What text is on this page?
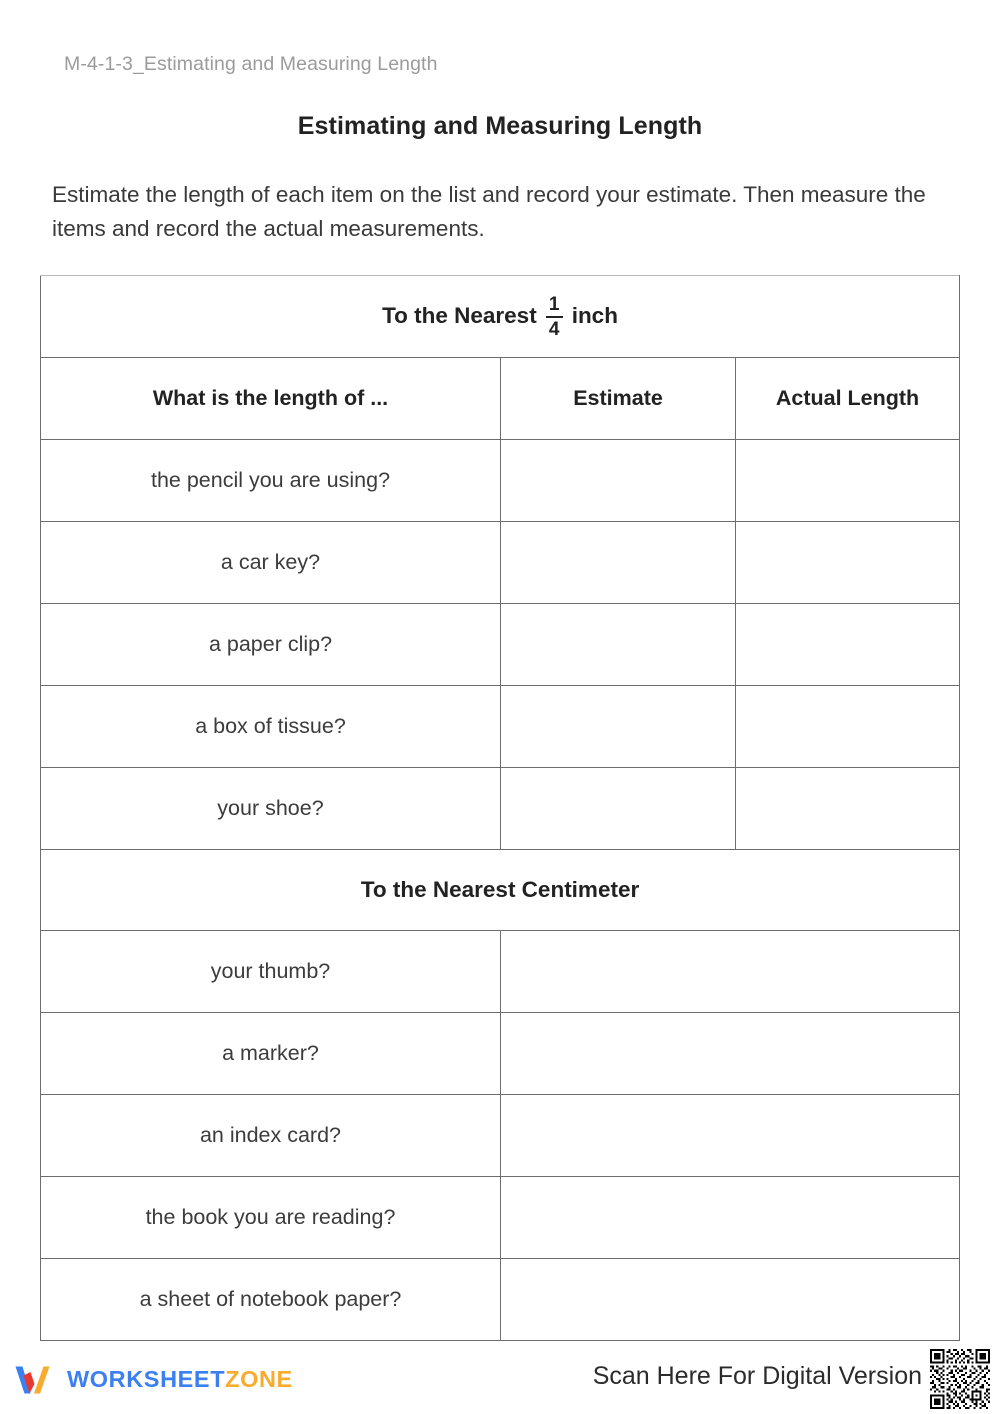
M-4-1-3_Estimating and Measuring Length
Estimating and Measuring Length
Estimate the length of each item on the list and record your estimate. Then measure the items and record the actual measurements.
To the Nearest $\frac{1}{4}$ inch		

What is the length of ...	Estimate	Actual Length
the pencil you are using?		
a car key?		
a paper clip?		
a box of tissue?		
your shoe?		
To the Nearest Centimeter		
your thumb?		
a marker?		
an index card?		
the book you are reading?		
a sheet of notebook paper?		
WORKSHEETZONE	Scan Here For Digital Version
